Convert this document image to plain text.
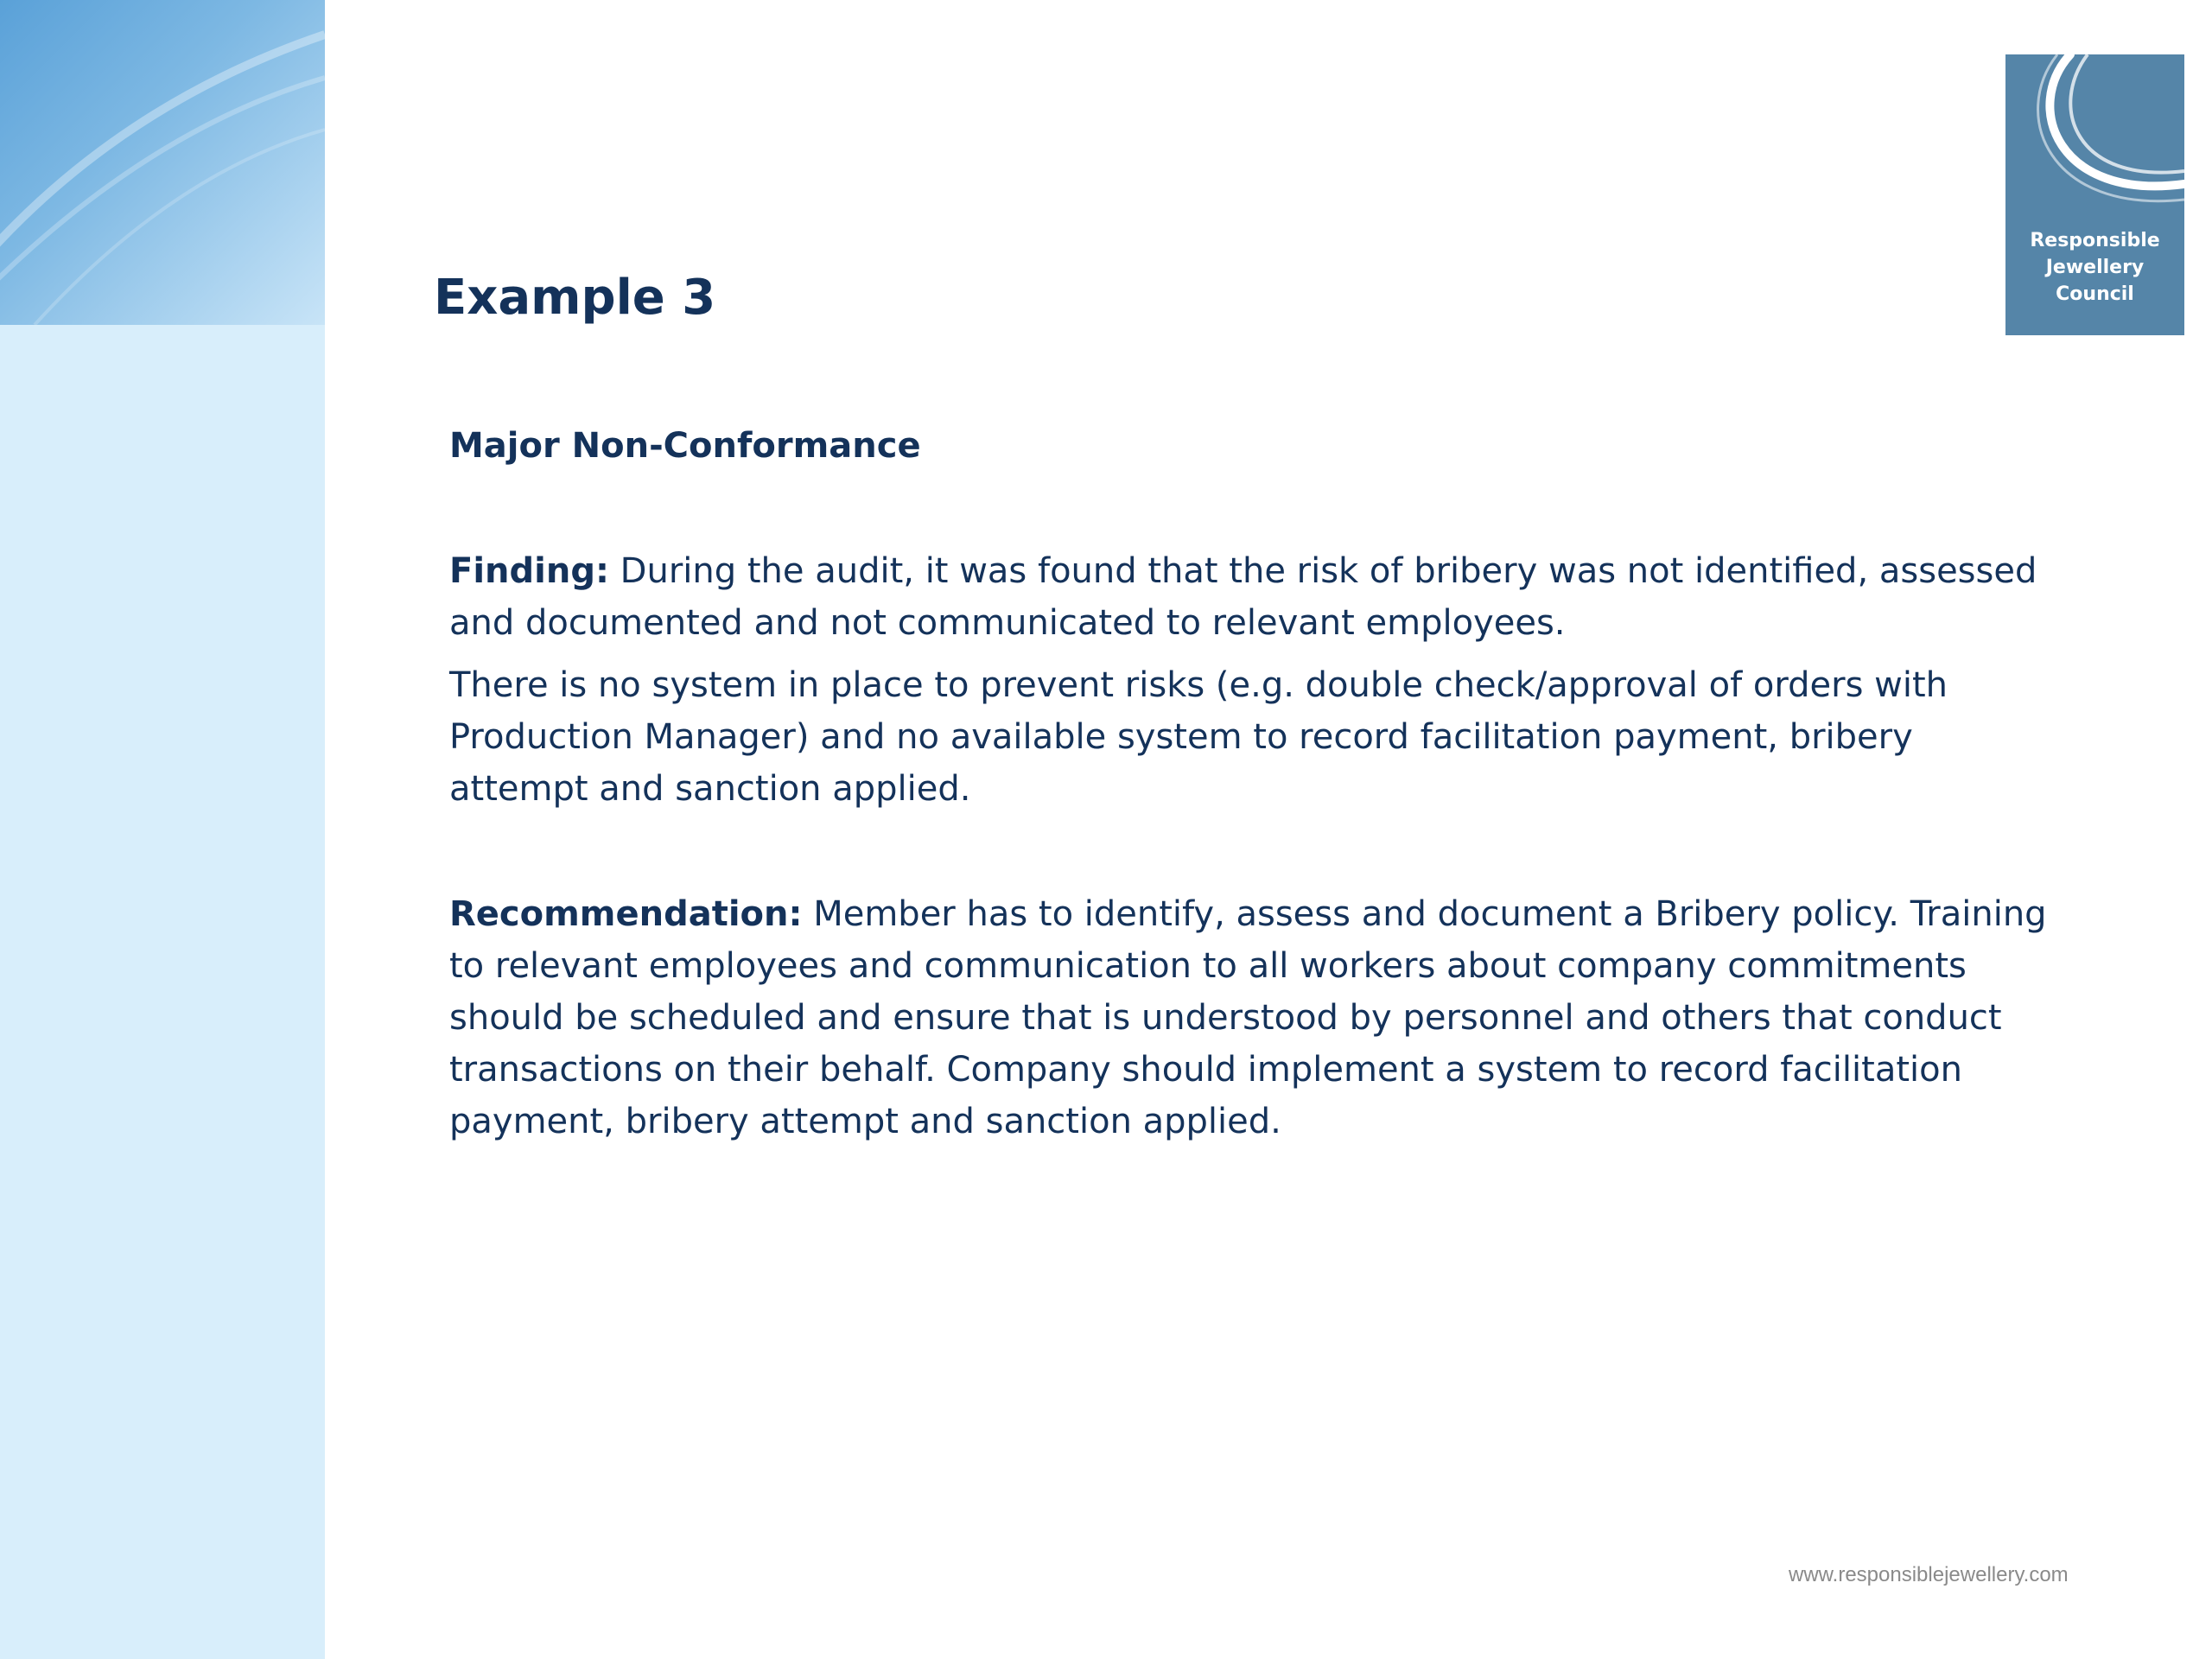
Responsible
Jewellery
Council
Example 3

Major Non-Conformance

Finding: During the audit, it was found that the risk of bribery was not identified, assessed and documented and not communicated to relevant employees.

There is no system in place to prevent risks (e.g. double check/approval of orders with Production Manager) and no available system to record facilitation payment, bribery attempt and sanction applied.

Recommendation: Member has to identify, assess and document a Bribery policy. Training to relevant employees and communication to all workers about company commitments should be scheduled and ensure that is understood by personnel and others that conduct transactions on their behalf. Company should implement a system to record facilitation payment, bribery attempt and sanction applied.

www.responsiblejewellery.com
